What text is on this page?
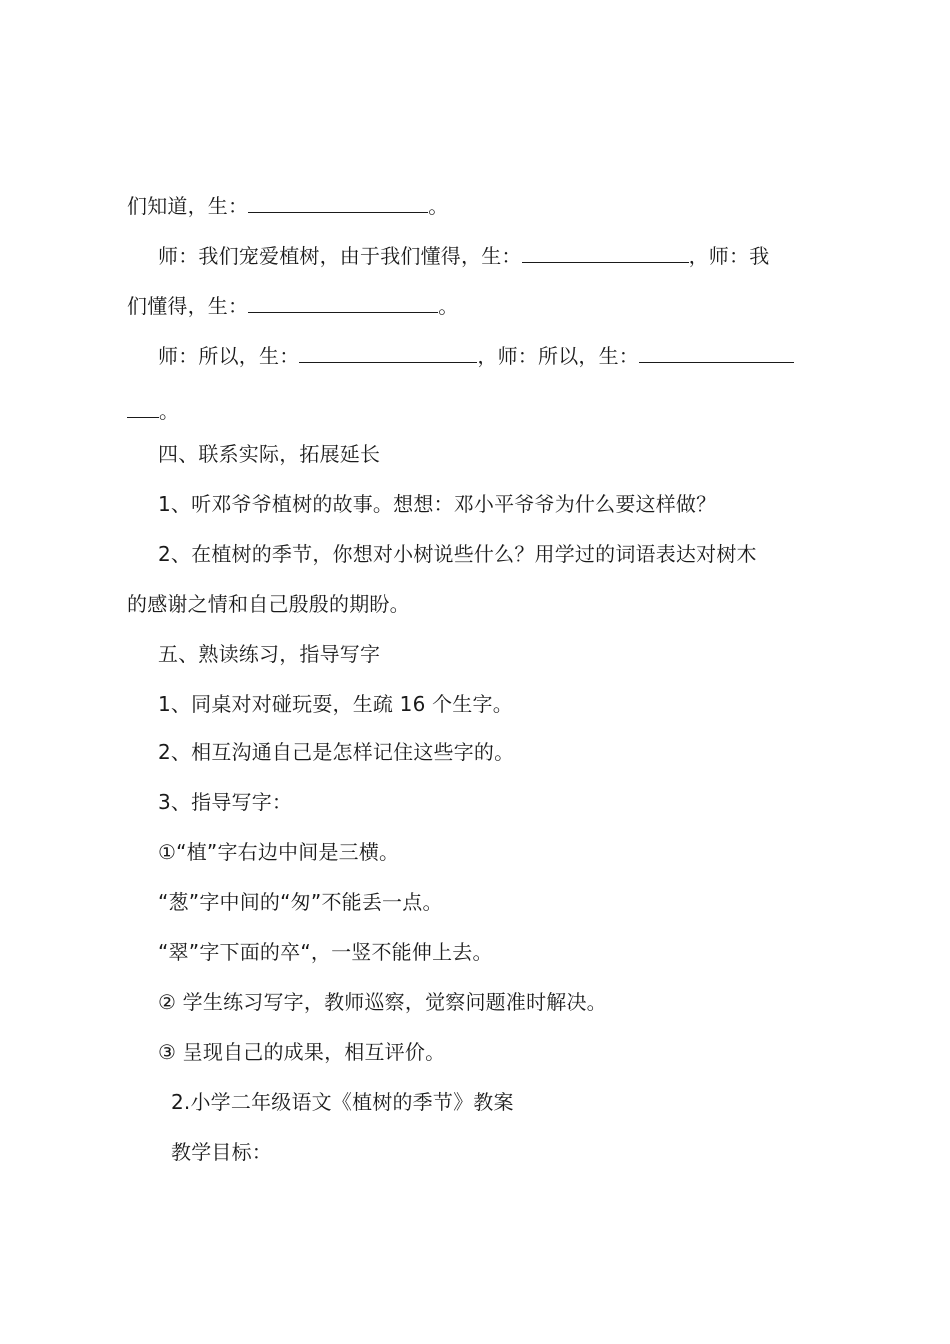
们知道，生：	。
师：我们宠爱植树，由于我们懂得，生：	，师：我
们懂得，生：	。
师：所以，生：	，师：所以，生：
。
四、联系实际，拓展延长
1、听邓爷爷植树的故事。想想：邓小平爷爷为什么要这样做？
2、在植树的季节，你想对小树说些什么？用学过的词语表达对树木
的感谢之情和自己殷殷的期盼。
五、熟读练习，指导写字
1、同桌对对碰玩耍，生疏 16 个生字。
2、相互沟通自己是怎样记住这些字的。
3、指导写字：
①“植”字右边中间是三横。
“葱”字中间的“匆”不能丢一点。
“翠”字下面的卒“，一竖不能伸上去。
② 学生练习写字，教师巡察，觉察问题准时解决。
③ 呈现自己的成果，相互评价。
2.小学二年级语文《植树的季节》教案
教学目标：
